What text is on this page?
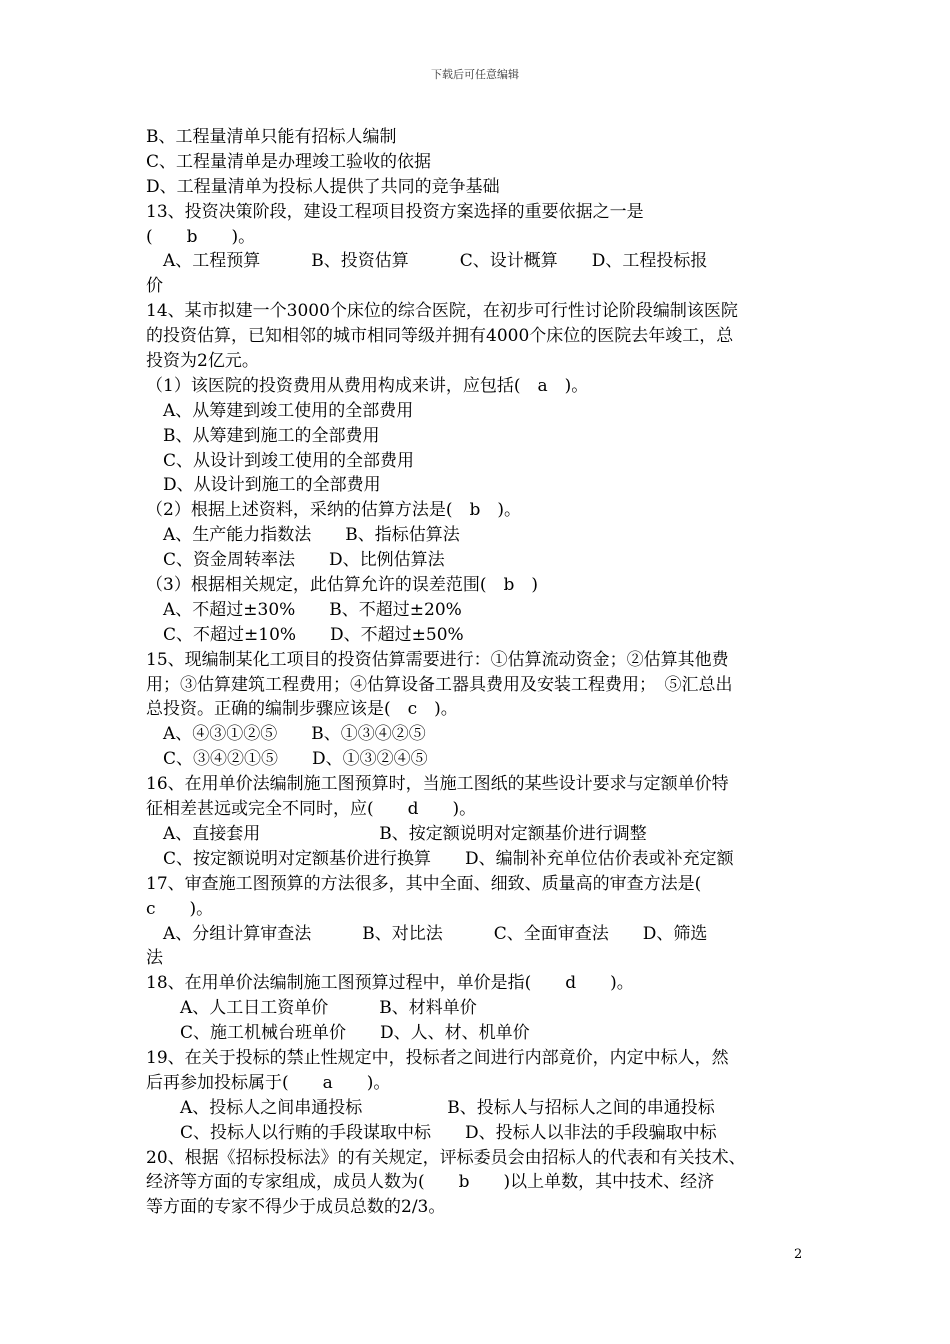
下载后可任意编辑
B、工程量清单只能有招标人编制
C、工程量清单是办理竣工验收的依据
D、工程量清单为投标人提供了共同的竞争基础
13、投资决策阶段，建设工程项目投资方案选择的重要依据之一是
(　　b　　)。
　A、工程预算　　　B、投资估算　　　C、设计概算　　D、工程投标报
价
14、某市拟建一个3000个床位的综合医院，在初步可行性讨论阶段编制该医院
的投资估算，已知相邻的城市相同等级并拥有4000个床位的医院去年竣工，总
投资为2亿元。
（1）该医院的投资费用从费用构成来讲，应包括(　a　)。
　A、从筹建到竣工使用的全部费用
　B、从筹建到施工的全部费用
　C、从设计到竣工使用的全部费用
　D、从设计到施工的全部费用
（2）根据上述资料，采纳的估算方法是(　b　)。
　A、生产能力指数法　　B、指标估算法
　C、资金周转率法　　D、比例估算法
（3）根据相关规定，此估算允许的误差范围(　b　)
　A、不超过±30%　　B、不超过±20%
　C、不超过±10%　　D、不超过±50%
15、现编制某化工项目的投资估算需要进行：①估算流动资金；②估算其他费
用；③估算建筑工程费用；④估算设备工器具费用及安装工程费用；　⑤汇总出
总投资。正确的编制步骤应该是(　c　)。
　A、④③①②⑤　　B、①③④②⑤
　C、③④②①⑤　　D、①③②④⑤
16、在用单价法编制施工图预算时，当施工图纸的某些设计要求与定额单价特
征相差甚远或完全不同时，应(　　d　　)。
　A、直接套用　　　　　　　B、按定额说明对定额基价进行调整
　C、按定额说明对定额基价进行换算　　D、编制补充单位估价表或补充定额
17、审查施工图预算的方法很多，其中全面、细致、质量高的审查方法是(
c　　)。
　A、分组计算审查法　　　B、对比法　　　C、全面审查法　　D、筛选
法
18、在用单价法编制施工图预算过程中，单价是指(　　d　　)。
　　A、人工日工资单价　　　B、材料单价
　　C、施工机械台班单价　　D、人、材、机单价
19、在关于投标的禁止性规定中，投标者之间进行内部竟价，内定中标人，然
后再参加投标属于(　　a　　)。
　　A、投标人之间串通投标　　　　　B、投标人与招标人之间的串通投标
　　C、投标人以行贿的手段谋取中标　　D、投标人以非法的手段骗取中标
20、根据《招标投标法》的有关规定，评标委员会由招标人的代表和有关技术、
经济等方面的专家组成，成员人数为(　　b　　)以上单数，其中技术、经济
等方面的专家不得少于成员总数的2/3。
2
